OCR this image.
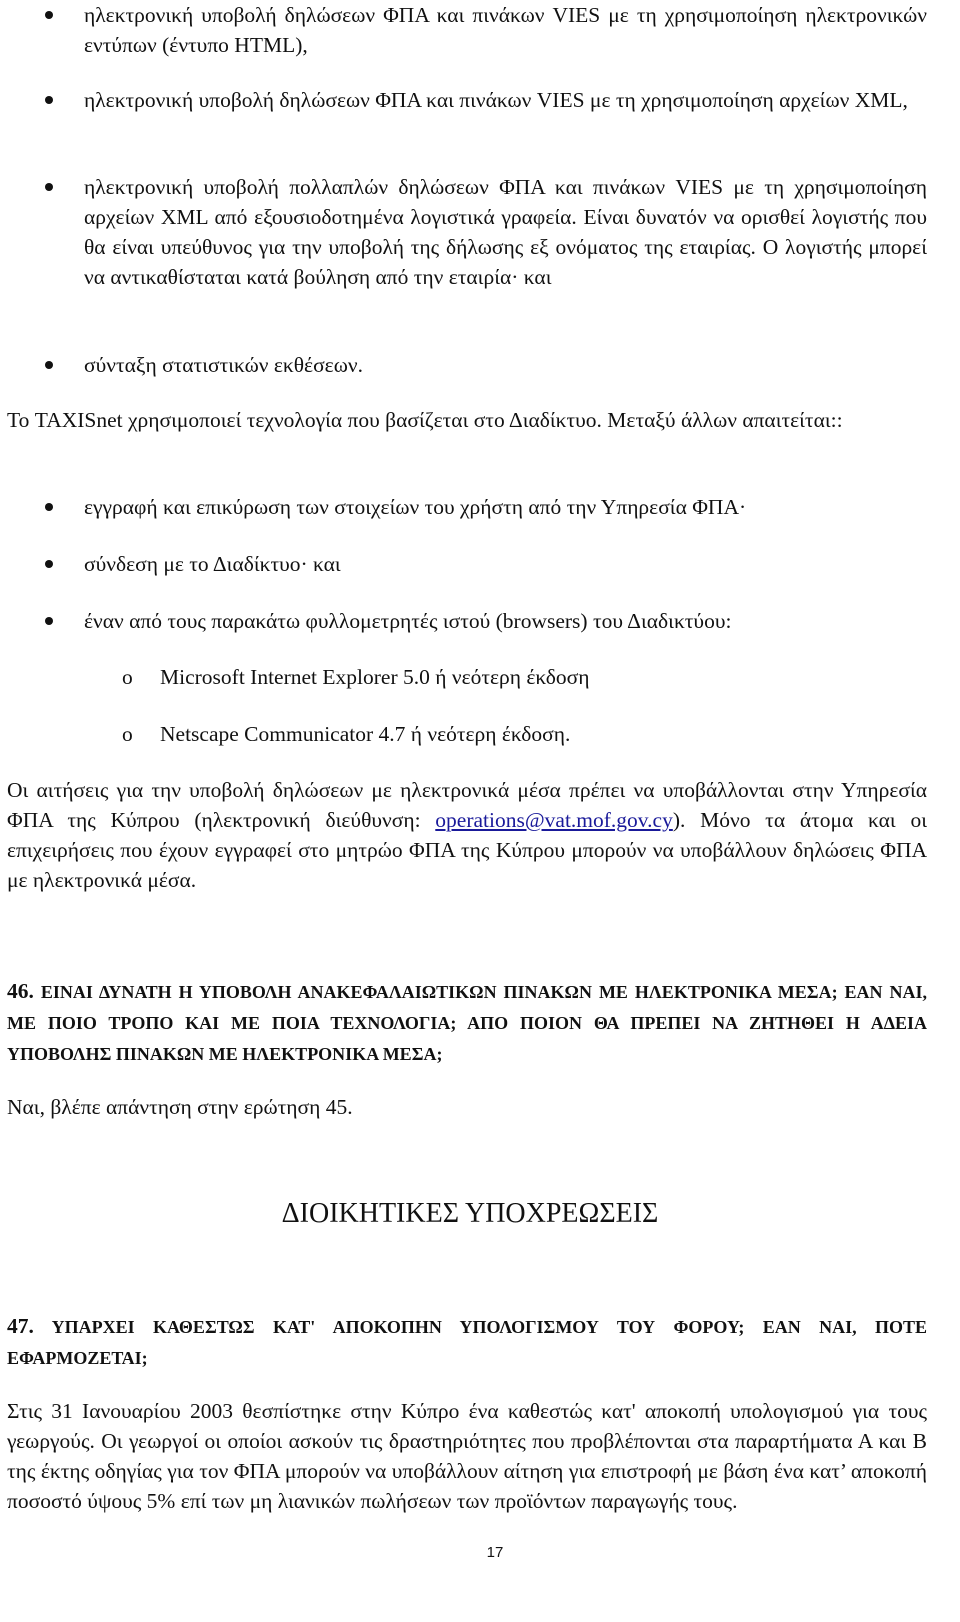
ηλεκτρονική υποβολή δηλώσεων ΦΠΑ και πινάκων VIES με τη χρησιμοποίηση ηλεκτρονικών εντύπων (έντυπο HTML),
ηλεκτρονική υποβολή δηλώσεων ΦΠΑ και πινάκων VIES με τη χρησιμοποίηση αρχείων XML,
ηλεκτρονική υποβολή πολλαπλών δηλώσεων ΦΠΑ και πινάκων VIES με τη χρησιμοποίηση αρχείων XML από εξουσιοδοτημένα λογιστικά γραφεία. Είναι δυνατόν να ορισθεί λογιστής που θα είναι υπεύθυνος για την υποβολή της δήλωσης εξ ονόματος της εταιρίας. Ο λογιστής μπορεί να αντικαθίσταται κατά βούληση από την εταιρία· και
σύνταξη στατιστικών εκθέσεων.
Το TAXISnet χρησιμοποιεί τεχνολογία που βασίζεται στο Διαδίκτυο. Μεταξύ άλλων απαιτείται::
εγγραφή και επικύρωση των στοιχείων του χρήστη από την Υπηρεσία ΦΠΑ·
σύνδεση με το Διαδίκτυο· και
έναν από τους παρακάτω φυλλομετρητές ιστού (browsers) του Διαδικτύου:
o Microsoft Internet Explorer 5.0 ή νεότερη έκδοση
o Netscape Communicator 4.7 ή νεότερη έκδοση.
Οι αιτήσεις για την υποβολή δηλώσεων με ηλεκτρονικά μέσα πρέπει να υποβάλλονται στην Υπηρεσία ΦΠΑ της Κύπρου (ηλεκτρονική διεύθυνση: operations@vat.mof.gov.cy). Μόνο τα άτομα και οι επιχειρήσεις που έχουν εγγραφεί στο μητρώο ΦΠΑ της Κύπρου μπορούν να υποβάλλουν δηλώσεις ΦΠΑ με ηλεκτρονικά μέσα.
46. ΕΙΝΑΙ ΔΥΝΑΤΗ Η ΥΠΟΒΟΛΗ ΑΝΑΚΕΦΑΛΑΙΩΤΙΚΩΝ ΠΙΝΑΚΩΝ ΜΕ ΗΛΕΚΤΡΟΝΙΚΑ ΜΕΣΑ; ΕΑΝ ΝΑΙ, ΜΕ ΠΟΙΟ ΤΡΟΠΟ ΚΑΙ ΜΕ ΠΟΙΑ ΤΕΧΝΟΛΟΓΙΑ; ΑΠΟ ΠΟΙΟΝ ΘΑ ΠΡΕΠΕΙ ΝΑ ΖΗΤΗΘΕΙ Η ΑΔΕΙΑ ΥΠΟΒΟΛΗΣ ΠΙΝΑΚΩΝ ΜΕ ΗΛΕΚΤΡΟΝΙΚΑ ΜΕΣΑ;
Ναι, βλέπε απάντηση στην ερώτηση 45.
ΔΙΟΙΚΗΤΙΚΕΣ ΥΠΟΧΡΕΩΣΕΙΣ
47. ΥΠΑΡΧΕΙ ΚΑΘΕΣΤΩΣ ΚΑΤ' ΑΠΟΚΟΠΗΝ ΥΠΟΛΟΓΙΣΜΟΥ ΤΟΥ ΦΟΡΟΥ; ΕΑΝ ΝΑΙ, ΠΟΤΕ ΕΦΑΡΜΟΖΕΤΑΙ;
Στις 31 Ιανουαρίου 2003 θεσπίστηκε στην Κύπρο ένα καθεστώς κατ' αποκοπή υπολογισμού για τους γεωργούς. Οι γεωργοί οι οποίοι ασκούν τις δραστηριότητες που προβλέπονται στα παραρτήματα Α και Β της έκτης οδηγίας για τον ΦΠΑ μπορούν να υποβάλλουν αίτηση για επιστροφή με βάση ένα κατ’ αποκοπή ποσοστό ύψους 5% επί των μη λιανικών πωλήσεων των προϊόντων παραγωγής τους.
17
